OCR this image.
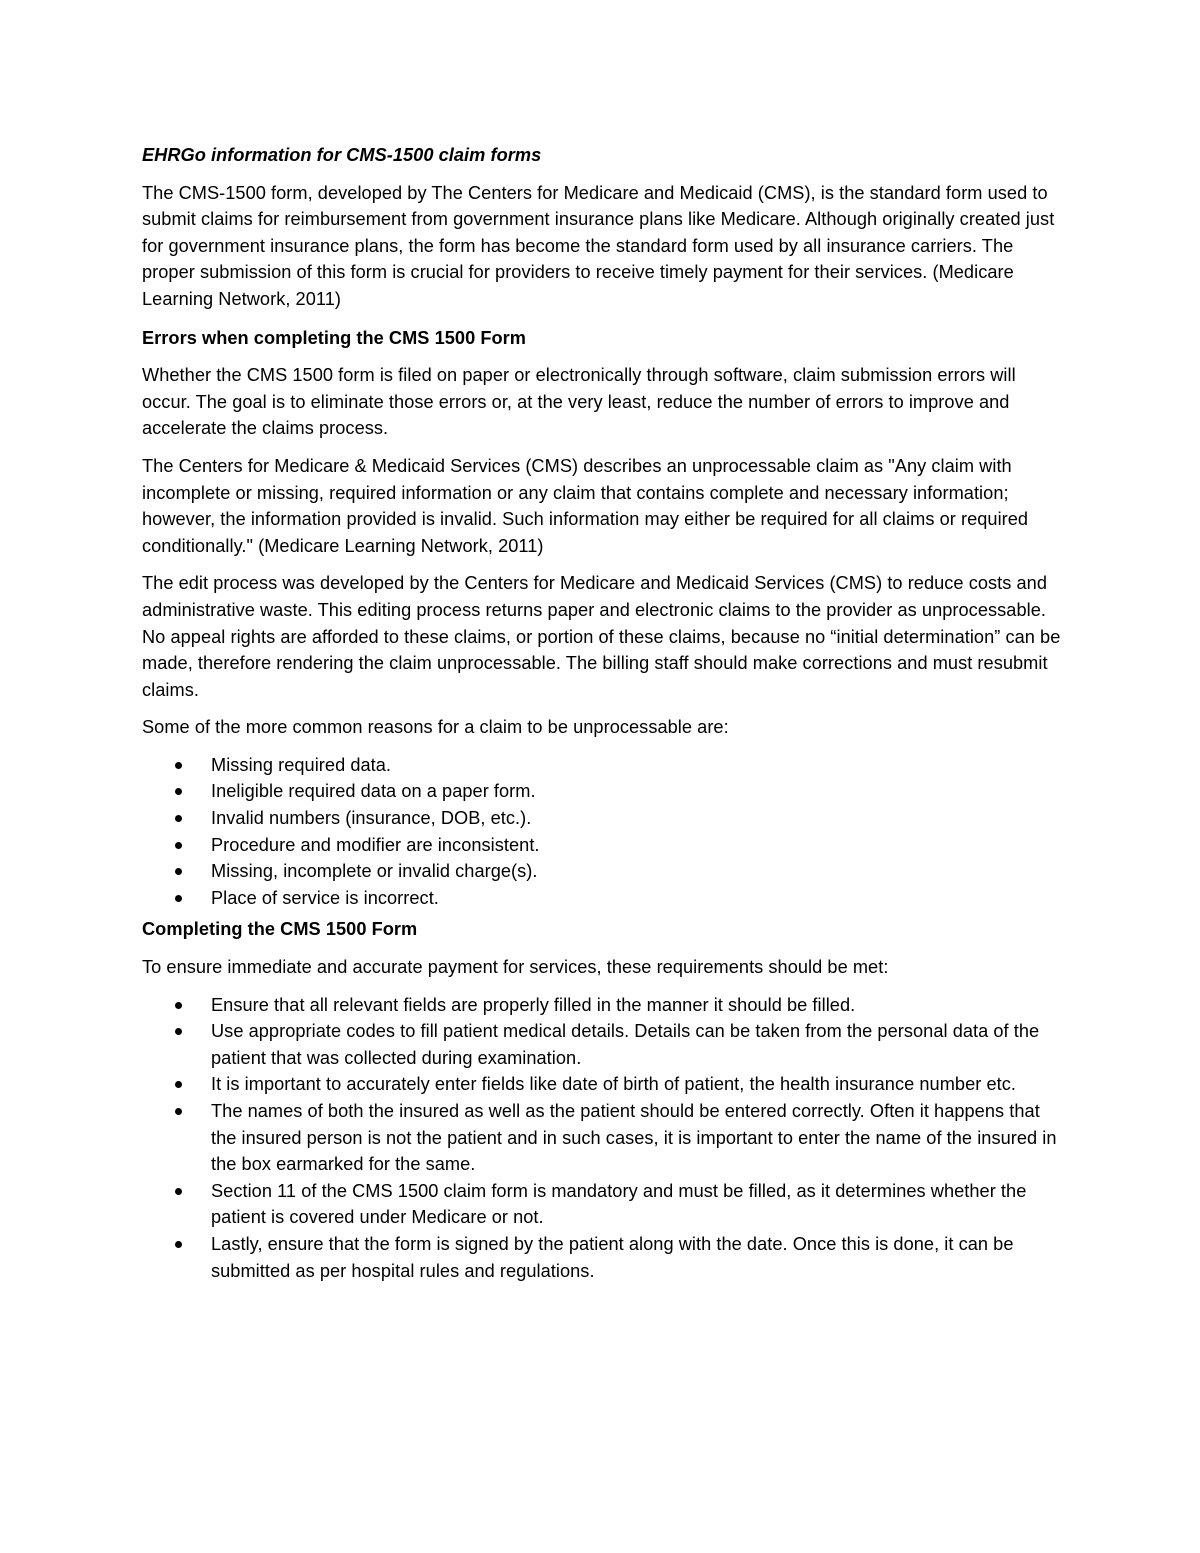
EHRGo information for CMS-1500 claim forms

The CMS-1500 form, developed by The Centers for Medicare and Medicaid (CMS), is the standard form used to submit claims for reimbursement from government insurance plans like Medicare. Although originally created just for government insurance plans, the form has become the standard form used by all insurance carriers. The proper submission of this form is crucial for providers to receive timely payment for their services. (Medicare Learning Network, 2011)

Errors when completing the CMS 1500 Form

Whether the CMS 1500 form is filed on paper or electronically through software, claim submission errors will occur. The goal is to eliminate those errors or, at the very least, reduce the number of errors to improve and accelerate the claims process.

The Centers for Medicare & Medicaid Services (CMS) describes an unprocessable claim as "Any claim with incomplete or missing, required information or any claim that contains complete and necessary information; however, the information provided is invalid. Such information may either be required for all claims or required conditionally." (Medicare Learning Network, 2011)

The edit process was developed by the Centers for Medicare and Medicaid Services (CMS) to reduce costs and administrative waste. This editing process returns paper and electronic claims to the provider as unprocessable. No appeal rights are afforded to these claims, or portion of these claims, because no “initial determination” can be made, therefore rendering the claim unprocessable. The billing staff should make corrections and must resubmit claims.

Some of the more common reasons for a claim to be unprocessable are:

Missing required data.
Ineligible required data on a paper form.
Invalid numbers (insurance, DOB, etc.).
Procedure and modifier are inconsistent.
Missing, incomplete or invalid charge(s).
Place of service is incorrect.

Completing the CMS 1500 Form

To ensure immediate and accurate payment for services, these requirements should be met:

Ensure that all relevant fields are properly filled in the manner it should be filled.
Use appropriate codes to fill patient medical details. Details can be taken from the personal data of the patient that was collected during examination.
It is important to accurately enter fields like date of birth of patient, the health insurance number etc.
The names of both the insured as well as the patient should be entered correctly. Often it happens that the insured person is not the patient and in such cases, it is important to enter the name of the insured in the box earmarked for the same.
Section 11 of the CMS 1500 claim form is mandatory and must be filled, as it determines whether the patient is covered under Medicare or not.
Lastly, ensure that the form is signed by the patient along with the date. Once this is done, it can be submitted as per hospital rules and regulations.
